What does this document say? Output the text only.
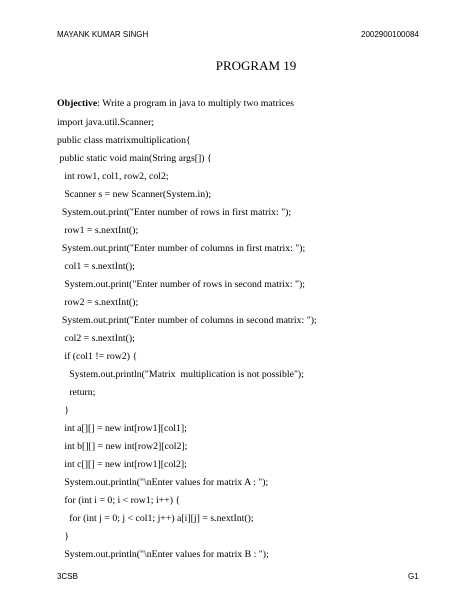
MAYANK KUMAR SINGH	2002900100084
PROGRAM 19
Objective: Write a program in java to multiply two matrices
import java.util.Scanner;
public class matrixmultiplication{
public static void main(String args[]) {
int row1, col1, row2, col2;
Scanner s = new Scanner(System.in);
System.out.print("Enter number of rows in first matrix: ");
row1 = s.nextInt();
System.out.print("Enter number of columns in first matrix: ");
col1 = s.nextInt();
System.out.print("Enter number of rows in second matrix: ");
row2 = s.nextInt();
System.out.print("Enter number of columns in second matrix: ");
col2 = s.nextInt();
if (col1 != row2) {
System.out.println("Matrix  multiplication is not possible");
return;
}
int a[][] = new int[row1][col1];
int b[][] = new int[row2][col2];
int c[][] = new int[row1][col2];
System.out.println("\nEnter values for matrix A : ");
for (int i = 0; i < row1; i++) {
for (int j = 0; j < col1; j++) a[i][j] = s.nextInt();
}
System.out.println("\nEnter values for matrix B : ");
3CSB	G1
